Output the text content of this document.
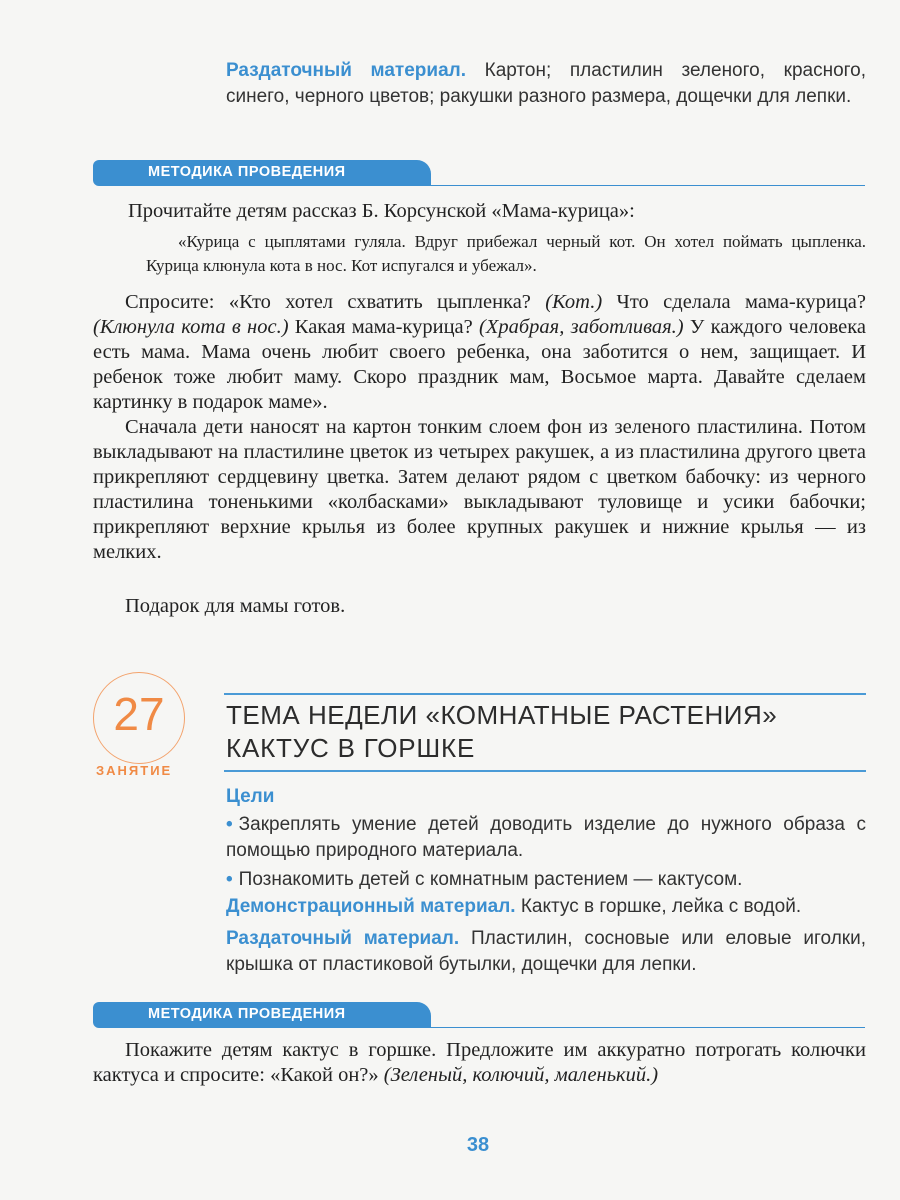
Раздаточный материал. Картон; пластилин зеленого, красного, синего, черного цветов; ракушки разного размера, дощечки для лепки.
МЕТОДИКА ПРОВЕДЕНИЯ
Прочитайте детям рассказ Б. Корсунской «Мама-курица»:
«Курица с цыплятами гуляла. Вдруг прибежал черный кот. Он хотел поймать цыпленка. Курица клюнула кота в нос. Кот испугался и убежал».
Спросите: «Кто хотел схватить цыпленка? (Кот.) Что сделала мама-курица? (Клюнула кота в нос.) Какая мама-курица? (Храбрая, заботливая.) У каждого человека есть мама. Мама очень любит своего ребенка, она заботится о нем, защищает. И ребенок тоже любит маму. Скоро праздник мам, Восьмое марта. Давайте сделаем картинку в подарок маме».
Сначала дети наносят на картон тонким слоем фон из зеленого пластилина. Потом выкладывают на пластилине цветок из четырех ракушек, а из пластилина другого цвета прикрепляют сердцевину цветка. Затем делают рядом с цветком бабочку: из черного пластилина тоненькими «колбасками» выкладывают туловище и усики бабочки; прикрепляют верхние крылья из более крупных ракушек и нижние крылья — из мелких.
Подарок для мамы готов.
27
ЗАНЯТИЕ
ТЕМА НЕДЕЛИ «КОМНАТНЫЕ РАСТЕНИЯ»
КАКТУС В ГОРШКЕ
Цели
• Закреплять умение детей доводить изделие до нужного образа с помощью природного материала.
• Познакомить детей с комнатным растением — кактусом.
Демонстрационный материал. Кактус в горшке, лейка с водой.
Раздаточный материал. Пластилин, сосновые или еловые иголки, крышка от пластиковой бутылки, дощечки для лепки.
МЕТОДИКА ПРОВЕДЕНИЯ
Покажите детям кактус в горшке. Предложите им аккуратно потрогать колючки кактуса и спросите: «Какой он?» (Зеленый, колючий, маленький.)
38
